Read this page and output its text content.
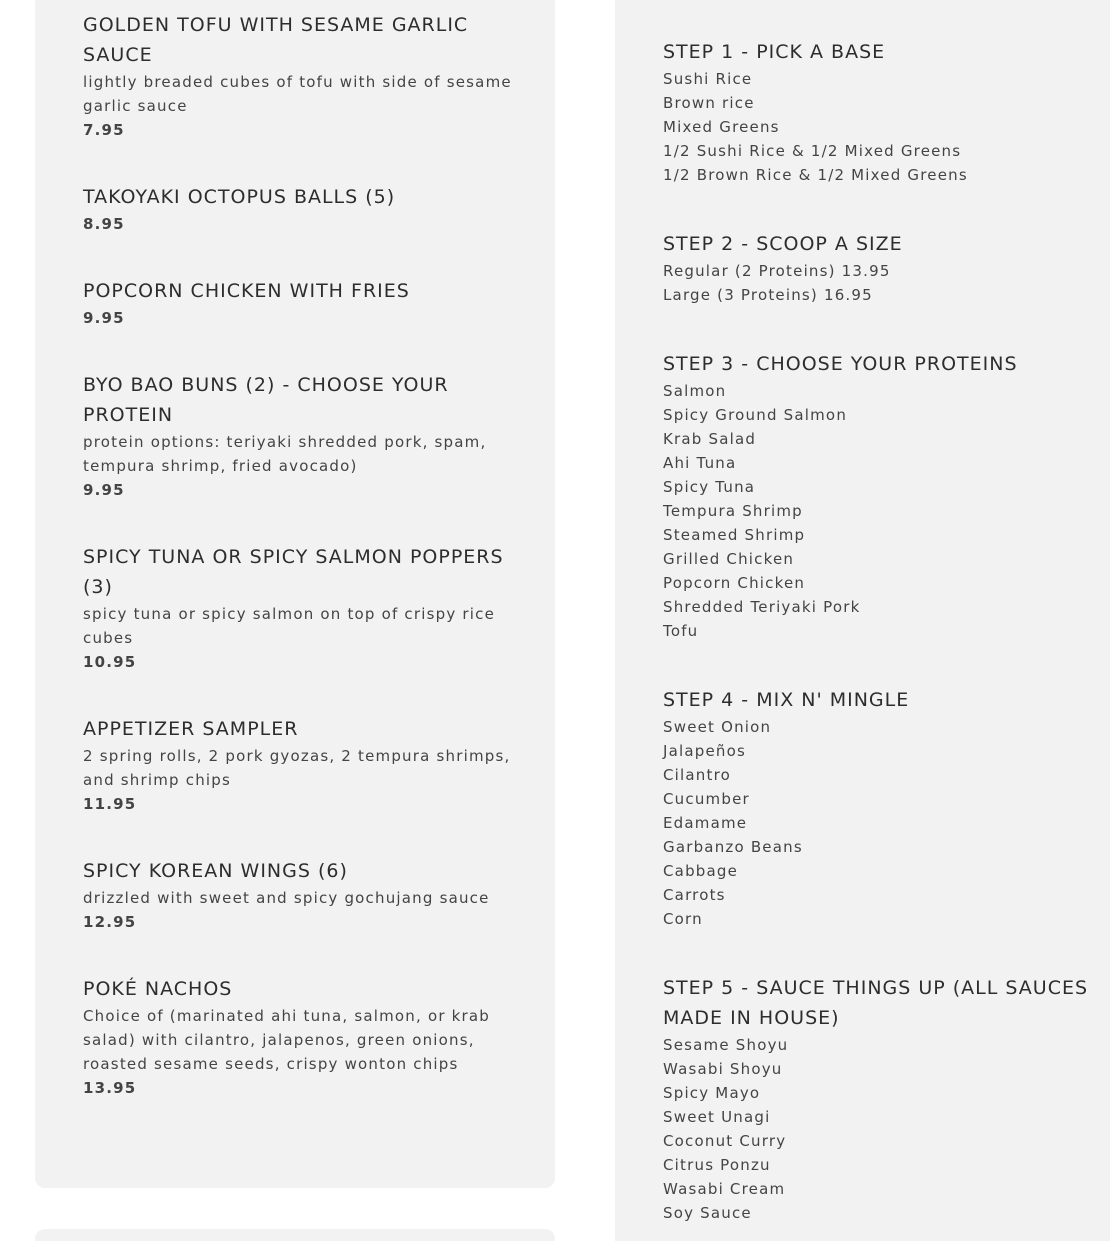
GOLDEN TOFU WITH SESAME GARLIC SAUCE

lightly breaded cubes of tofu with side of sesame garlic sauce

7.95

TAKOYAKI OCTOPUS BALLS (5)

8.95

POPCORN CHICKEN WITH FRIES

9.95

BYO BAO BUNS (2) - CHOOSE YOUR PROTEIN

protein options: teriyaki shredded pork, spam, tempura shrimp, fried avocado)

9.95

SPICY TUNA OR SPICY SALMON POPPERS (3)

spicy tuna or spicy salmon on top of crispy rice cubes

10.95

APPETIZER SAMPLER

2 spring rolls, 2 pork gyozas, 2 tempura shrimps, and shrimp chips

11.95

SPICY KOREAN WINGS (6)

drizzled with sweet and spicy gochujang sauce

12.95

POKÉ NACHOS

Choice of (marinated ahi tuna, salmon, or krab salad) with cilantro, jalapenos, green onions, roasted sesame seeds, crispy wonton chips

13.95

STEP 1 - PICK A BASE

Sushi Rice
Brown rice
Mixed Greens
1/2 Sushi Rice & 1/2 Mixed Greens
1/2 Brown Rice & 1/2 Mixed Greens

STEP 2 - SCOOP A SIZE

Regular (2 Proteins) 13.95
Large (3 Proteins) 16.95

STEP 3 - CHOOSE YOUR PROTEINS

Salmon
Spicy Ground Salmon
Krab Salad
Ahi Tuna
Spicy Tuna
Tempura Shrimp
Steamed Shrimp
Grilled Chicken
Popcorn Chicken
Shredded Teriyaki Pork
Tofu

STEP 4 - MIX N' MINGLE

Sweet Onion
Jalapeños
Cilantro
Cucumber
Edamame
Garbanzo Beans
Cabbage
Carrots
Corn

STEP 5 - SAUCE THINGS UP (ALL SAUCES MADE IN HOUSE)

Sesame Shoyu
Wasabi Shoyu
Spicy Mayo
Sweet Unagi
Coconut Curry
Citrus Ponzu
Wasabi Cream
Soy Sauce
